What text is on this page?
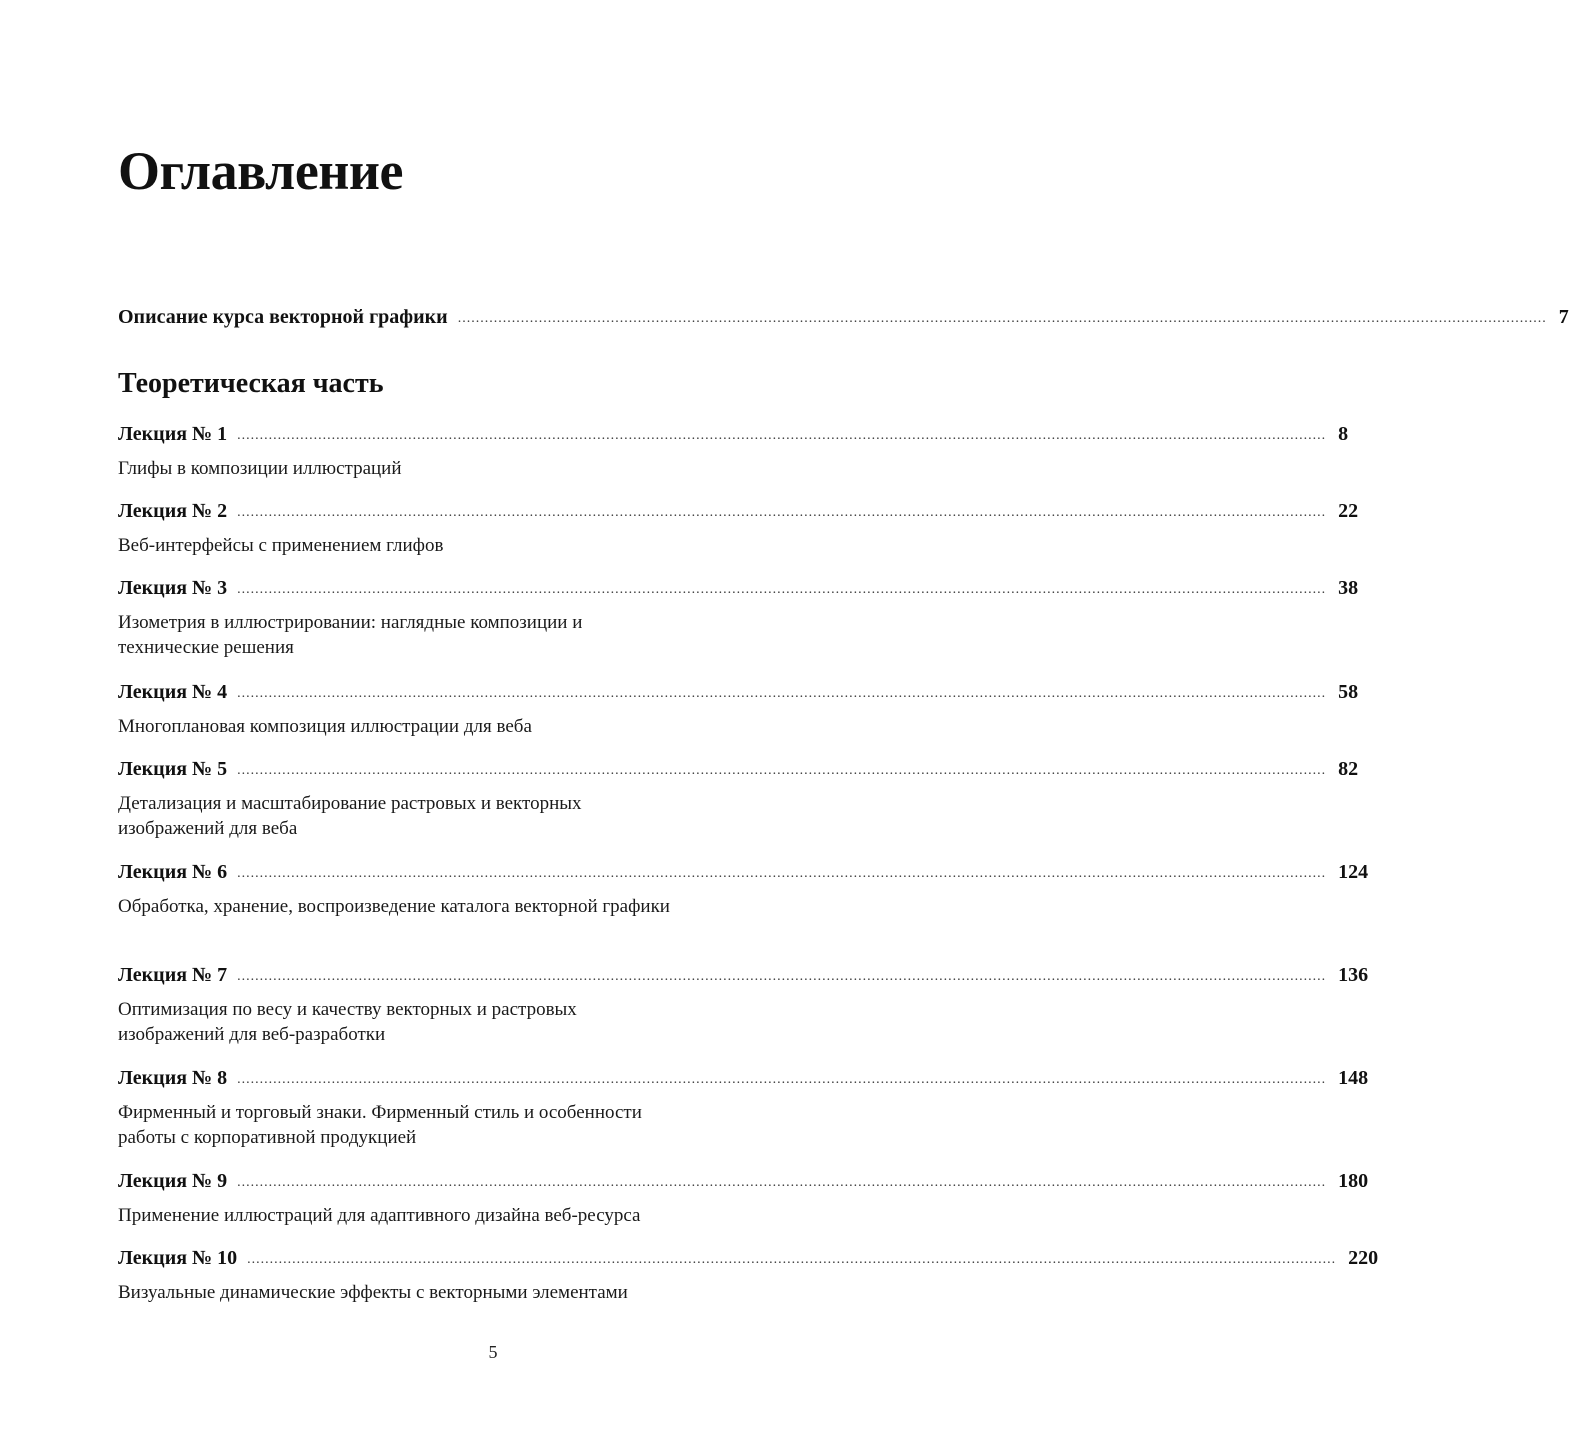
Оглавление
Описание курса векторной графики .................................................................................................................................................................................................................................................. 7
Теоретическая часть
Лекция № 1 .................................................................................................................................................................................................................................................. 8
Глифы в композиции иллюстраций
Лекция № 2 .................................................................................................................................................................................................................................................. 22
Веб-интерфейсы с применением глифов
Лекция № 3 .................................................................................................................................................................................................................................................. 38
Изометрия в иллюстрировании: наглядные композиции и технические решения
Лекция № 4 .................................................................................................................................................................................................................................................. 58
Многоплановая композиция иллюстрации для веба
Лекция № 5 .................................................................................................................................................................................................................................................. 82
Детализация и масштабирование растровых и векторных изображений для веба
Лекция № 6 .................................................................................................................................................................................................................................................. 124
Обработка, хранение, воспроизведение каталога векторной графики
Лекция № 7 .................................................................................................................................................................................................................................................. 136
Оптимизация по весу и качеству векторных и растровых изображений для веб-разработки
Лекция № 8 .................................................................................................................................................................................................................................................. 148
Фирменный и торговый знаки. Фирменный стиль и особенности работы с корпоративной продукцией
Лекция № 9 .................................................................................................................................................................................................................................................. 180
Применение иллюстраций для адаптивного дизайна веб-ресурса
Лекция № 10 .................................................................................................................................................................................................................................................. 220
Визуальные динамические эффекты с векторными элементами
5
